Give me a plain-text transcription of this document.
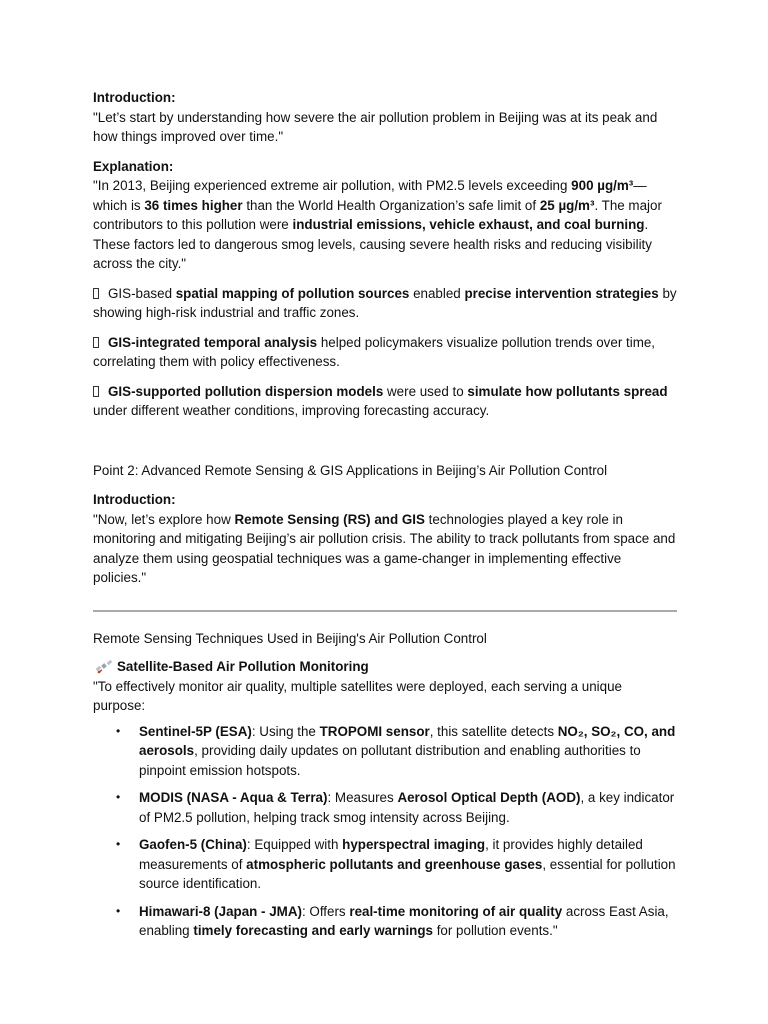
Introduction:
"Let’s start by understanding how severe the air pollution problem in Beijing was at its peak and how things improved over time."

Explanation:
"In 2013, Beijing experienced extreme air pollution, with PM2.5 levels exceeding 900 µg/m³— which is 36 times higher than the World Health Organization’s safe limit of 25 µg/m³. The major contributors to this pollution were industrial emissions, vehicle exhaust, and coal burning. These factors led to dangerous smog levels, causing severe health risks and reducing visibility across the city."

GIS-based spatial mapping of pollution sources enabled precise intervention strategies by showing high-risk industrial and traffic zones.

GIS-integrated temporal analysis helped policymakers visualize pollution trends over time, correlating them with policy effectiveness.

GIS-supported pollution dispersion models were used to simulate how pollutants spread under different weather conditions, improving forecasting accuracy.

Point 2: Advanced Remote Sensing & GIS Applications in Beijing’s Air Pollution Control

Introduction:
"Now, let’s explore how Remote Sensing (RS) and GIS technologies played a key role in monitoring and mitigating Beijing’s air pollution crisis. The ability to track pollutants from space and analyze them using geospatial techniques was a game-changer in implementing effective policies."

Remote Sensing Techniques Used in Beijing's Air Pollution Control

Satellite-Based Air Pollution Monitoring

"To effectively monitor air quality, multiple satellites were deployed, each serving a unique purpose:

• Sentinel-5P (ESA): Using the TROPOMI sensor, this satellite detects NO₂, SO₂, CO, and aerosols, providing daily updates on pollutant distribution and enabling authorities to pinpoint emission hotspots.
• MODIS (NASA - Aqua & Terra): Measures Aerosol Optical Depth (AOD), a key indicator of PM2.5 pollution, helping track smog intensity across Beijing.
• Gaofen-5 (China): Equipped with hyperspectral imaging, it provides highly detailed measurements of atmospheric pollutants and greenhouse gases, essential for pollution source identification.
• Himawari-8 (Japan - JMA): Offers real-time monitoring of air quality across East Asia, enabling timely forecasting and early warnings for pollution events."
